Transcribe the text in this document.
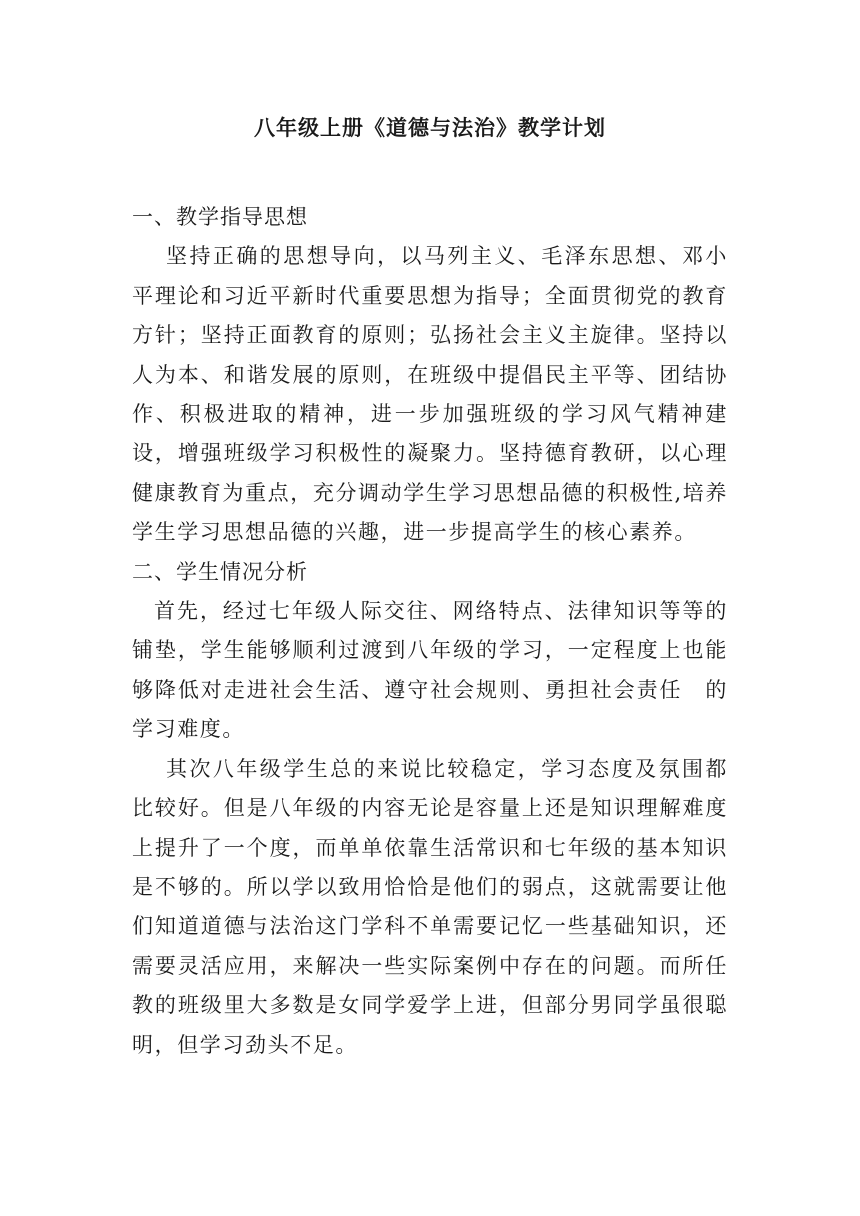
八年级上册《道德与法治》教学计划
一、教学指导思想

坚持正确的思想导向，以马列主义、毛泽东思想、邓小平理论和习近平新时代重要思想为指导；全面贯彻党的教育方针；坚持正面教育的原则；弘扬社会主义主旋律。坚持以人为本、和谐发展的原则，在班级中提倡民主平等、团结协作、积极进取的精神，进一步加强班级的学习风气精神建设，增强班级学习积极性的凝聚力。坚持德育教研，以心理健康教育为重点，充分调动学生学习思想品德的积极性,培养学生学习思想品德的兴趣，进一步提高学生的核心素养。

二、学生情况分析

首先，经过七年级人际交往、网络特点、法律知识等等的铺垫，学生能够顺利过渡到八年级的学习，一定程度上也能够降低对走进社会生活、遵守社会规则、勇担社会责任　的学习难度。

其次八年级学生总的来说比较稳定，学习态度及氛围都比较好。但是八年级的内容无论是容量上还是知识理解难度上提升了一个度，而单单依靠生活常识和七年级的基本知识是不够的。所以学以致用恰恰是他们的弱点，这就需要让他们知道道德与法治这门学科不单需要记忆一些基础知识，还需要灵活应用，来解决一些实际案例中存在的问题。而所任教的班级里大多数是女同学爱学上进，但部分男同学虽很聪明，但学习劲头不足。
